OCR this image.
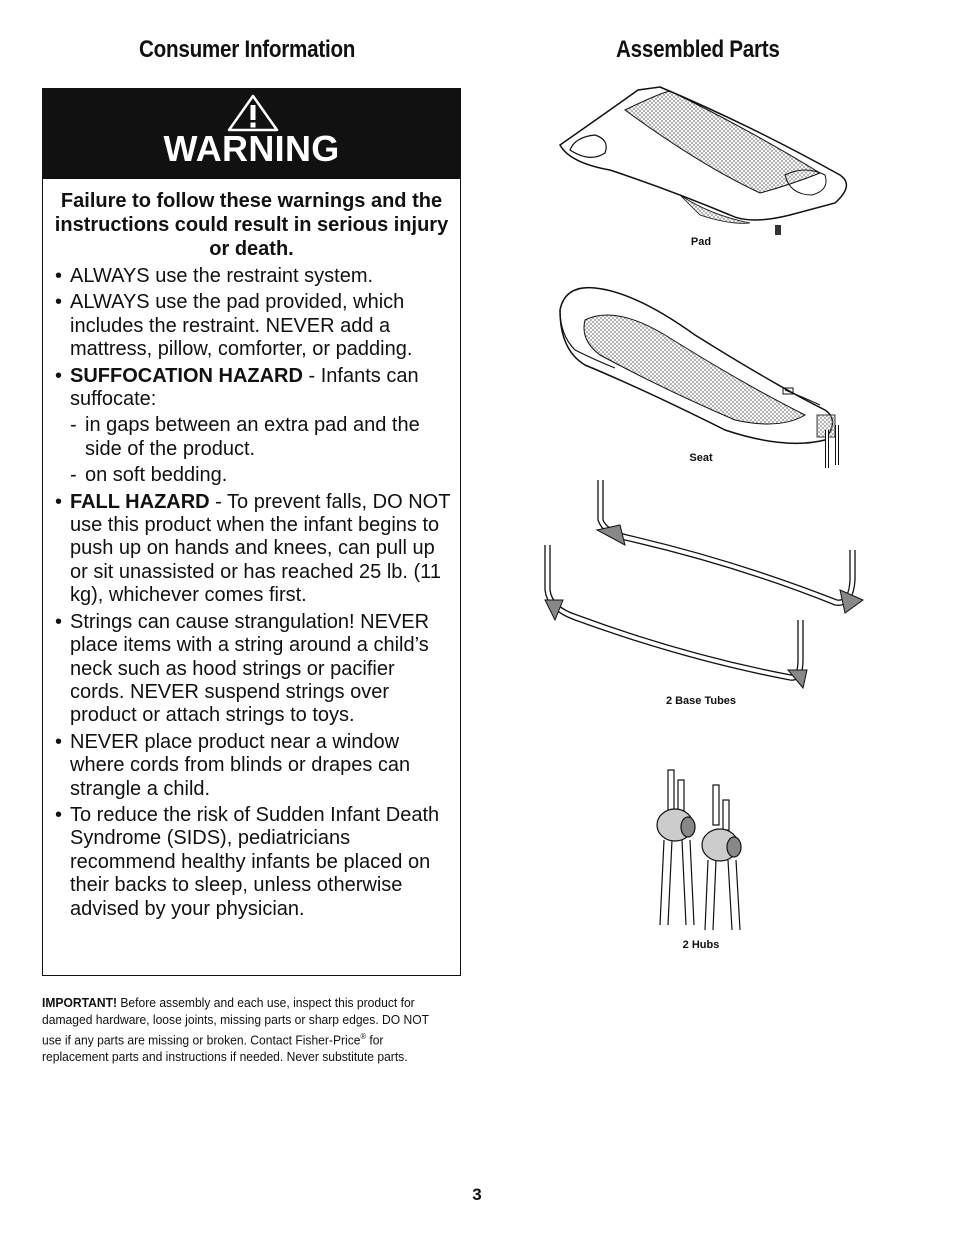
Consumer Information	Assembled Parts
WARNING
Failure to follow these warnings and the instructions could result in serious injury or death.
• ALWAYS use the restraint system.
• ALWAYS use the pad provided, which includes the restraint. NEVER add a mattress, pillow, comforter, or padding.
• SUFFOCATION HAZARD - Infants can suffocate:
- in gaps between an extra pad and the side of the product.
- on soft bedding.
• FALL HAZARD - To prevent falls, DO NOT use this product when the infant begins to push up on hands and knees, can pull up or sit unassisted or has reached 25 lb. (11 kg), whichever comes first.
• Strings can cause strangulation! NEVER place items with a string around a child’s neck such as hood strings or pacifier cords. NEVER suspend strings over product or attach strings to toys.
• NEVER place product near a window where cords from blinds or drapes can strangle a child.
• To reduce the risk of Sudden Infant Death Syndrome (SIDS), pediatricians recommend healthy infants be placed on their backs to sleep, unless otherwise advised by your physician.
IMPORTANT! Before assembly and each use, inspect this product for damaged hardware, loose joints, missing parts or sharp edges. DO NOT use if any parts are missing or broken. Contact Fisher-Price® for replacement parts and instructions if needed. Never substitute parts.
Pad
Seat
2 Base Tubes
2 Hubs
3
